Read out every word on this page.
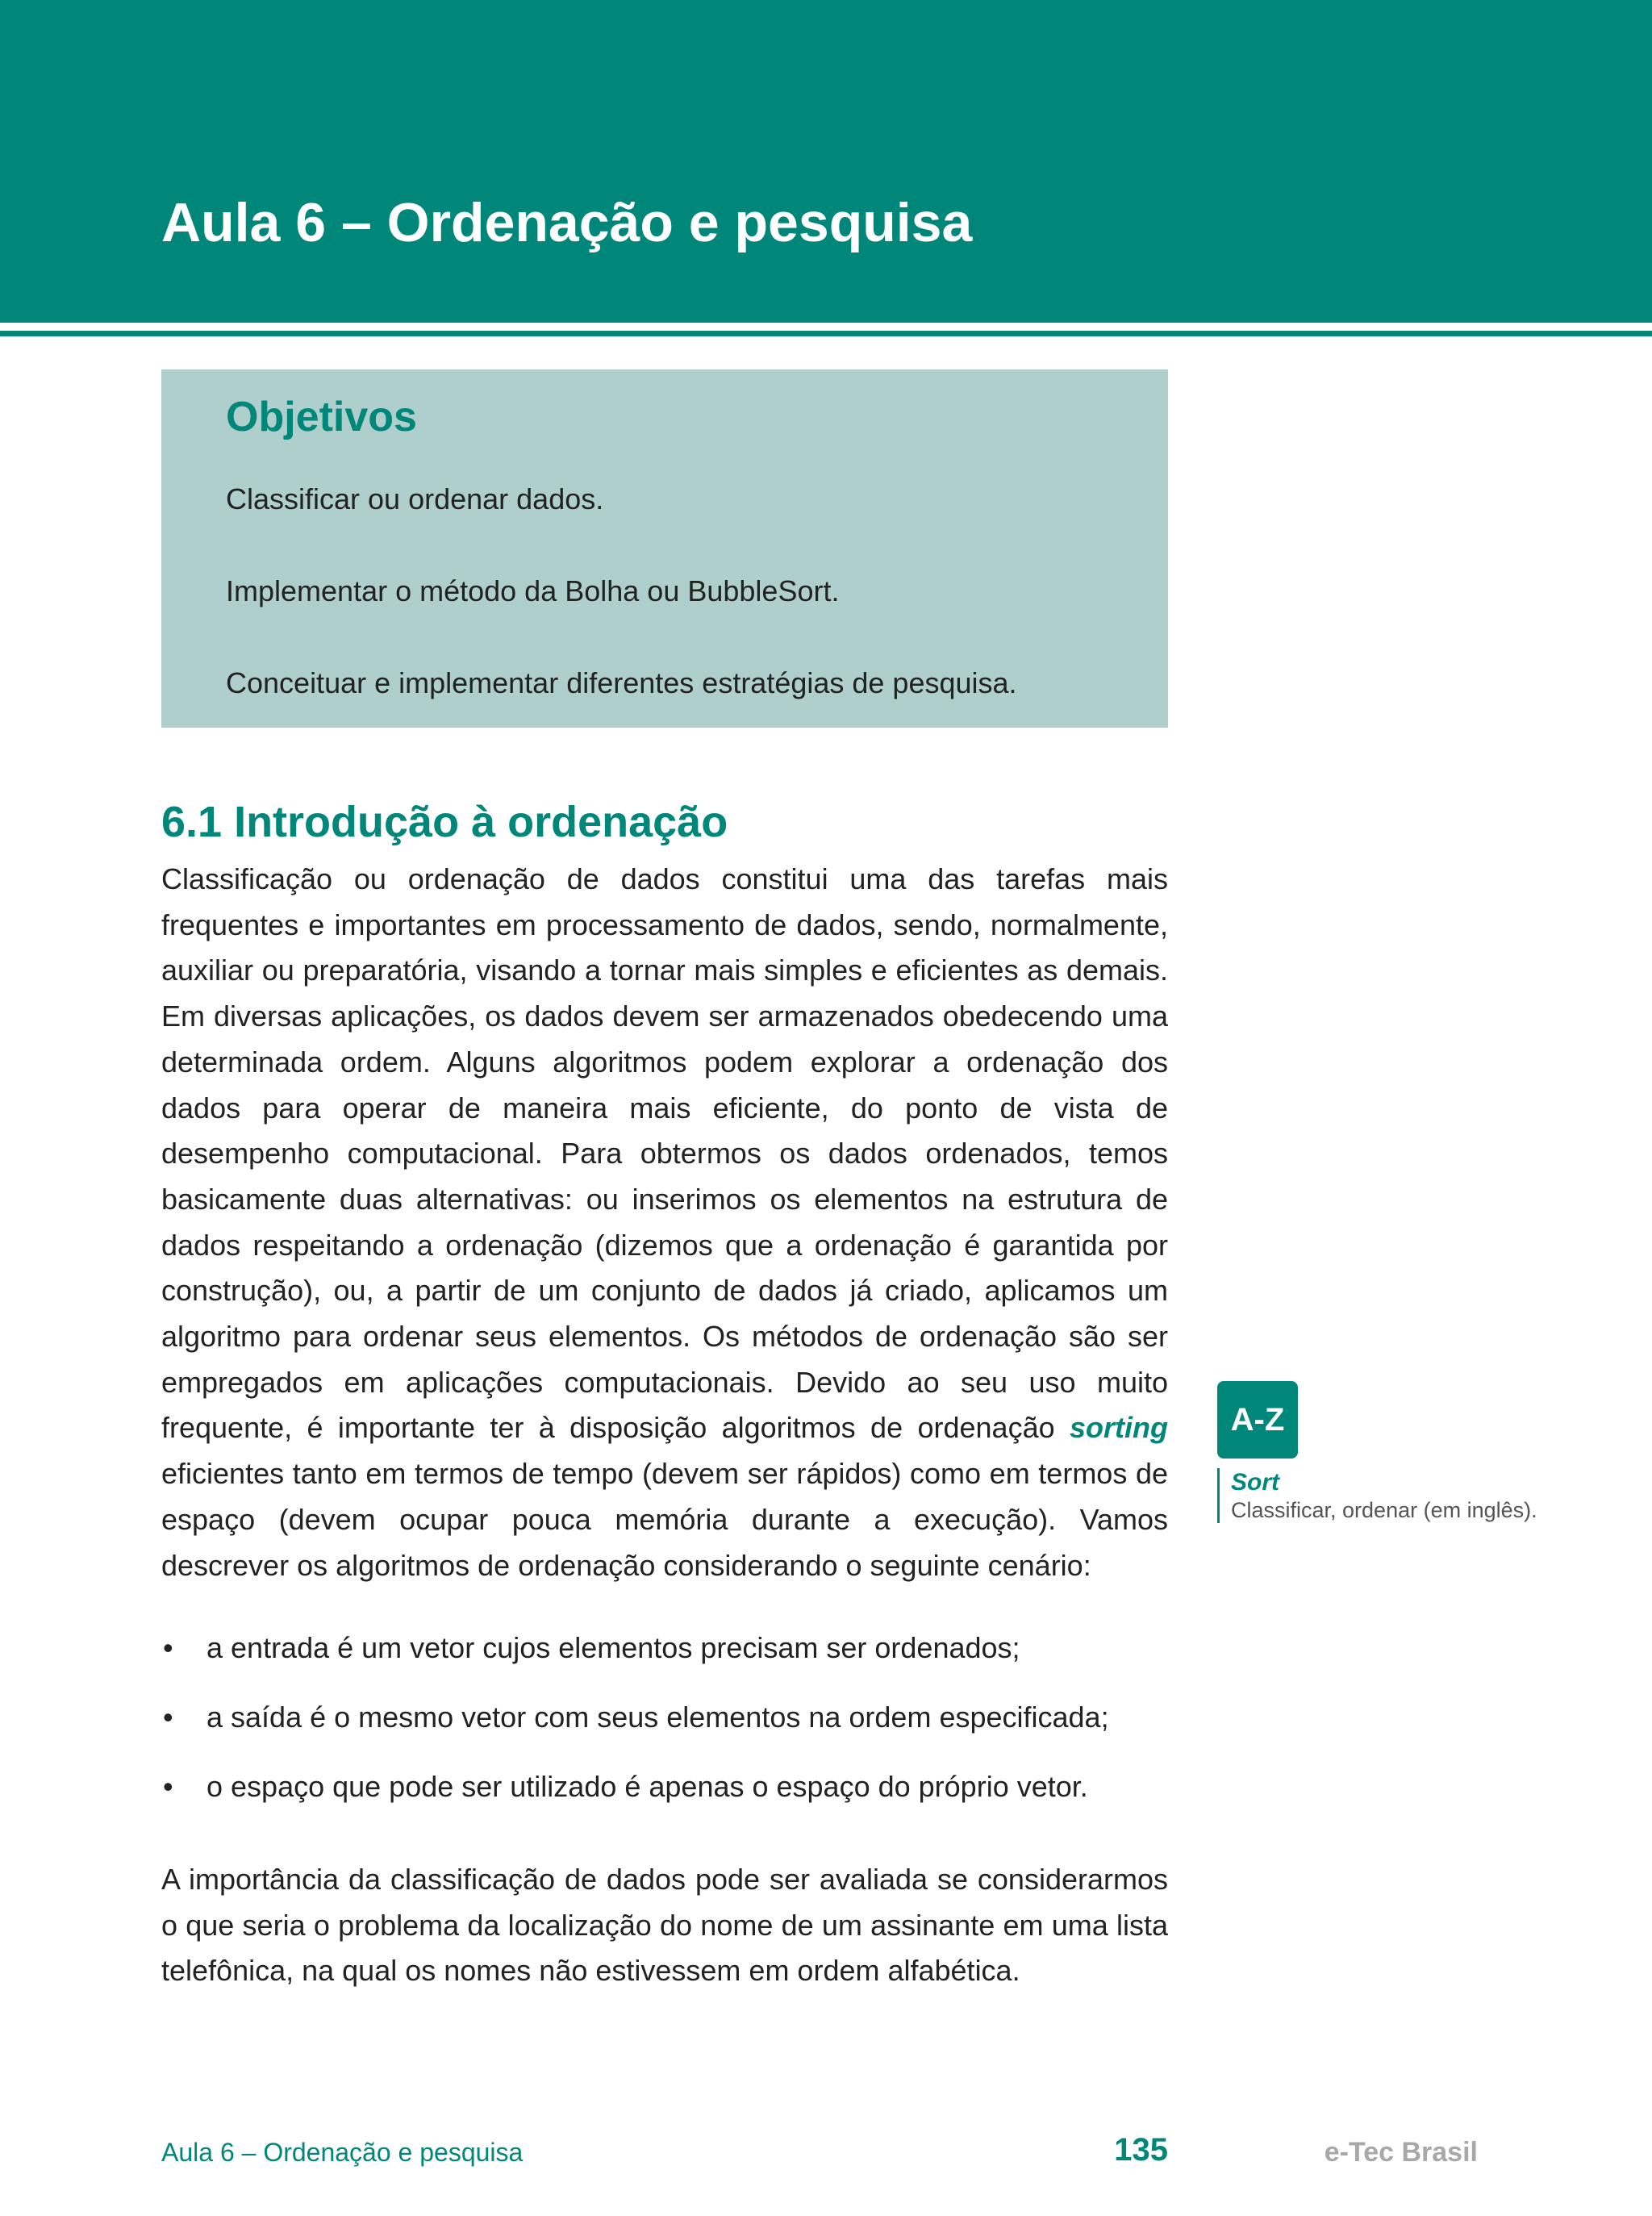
Aula 6 – Ordenação e pesquisa
Objetivos

Classificar ou ordenar dados.

Implementar o método da Bolha ou BubbleSort.

Conceituar e implementar diferentes estratégias de pesquisa.

6.1 Introdução à ordenação

Classificação ou ordenação de dados constitui uma das tarefas mais frequentes e importantes em processamento de dados, sendo, normalmente, auxiliar ou preparatória, visando a tornar mais simples e eficientes as demais. Em diversas aplicações, os dados devem ser armazenados obedecendo uma determinada ordem. Alguns algoritmos podem explorar a ordenação dos dados para operar de maneira mais eficiente, do ponto de vista de desempenho computacional. Para obtermos os dados ordenados, temos basicamente duas alternativas: ou inserimos os elementos na estrutura de dados respeitando a ordenação (dizemos que a ordenação é garantida por construção), ou, a partir de um conjunto de dados já criado, aplicamos um algoritmo para ordenar seus elementos. Os métodos de ordenação são ser empregados em aplicações computacionais. Devido ao seu uso muito frequente, é importante ter à disposição algoritmos de ordenação sorting eficientes tanto em termos de tempo (devem ser rápidos) como em termos de espaço (devem ocupar pouca memória durante a execução). Vamos descrever os algoritmos de ordenação considerando o seguinte cenário:

• a entrada é um vetor cujos elementos precisam ser ordenados;
• a saída é o mesmo vetor com seus elementos na ordem especificada;
• o espaço que pode ser utilizado é apenas o espaço do próprio vetor.

A importância da classificação de dados pode ser avaliada se considerarmos o que seria o problema da localização do nome de um assinante em uma lista telefônica, na qual os nomes não estivessem em ordem alfabética.

A-Z
Sort
Classificar, ordenar (em inglês).
Aula 6 – Ordenação e pesquisa	135	e-Tec Brasil
